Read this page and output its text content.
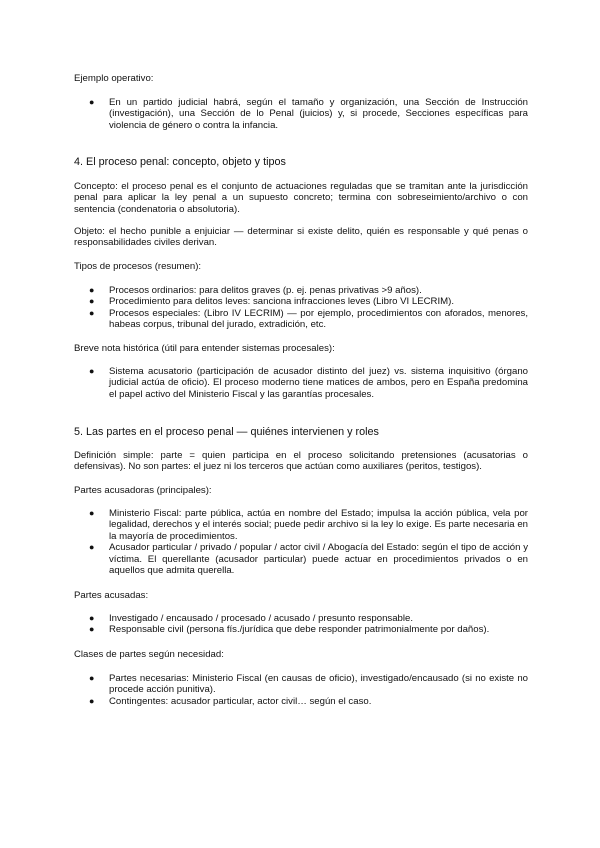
Ejemplo operativo:
● En un partido judicial habrá, según el tamaño y organización, una Sección de Instrucción (investigación), una Sección de lo Penal (juicios) y, si procede, Secciones específicas para violencia de género o contra la infancia.
4. El proceso penal: concepto, objeto y tipos
Concepto: el proceso penal es el conjunto de actuaciones reguladas que se tramitan ante la jurisdicción penal para aplicar la ley penal a un supuesto concreto; termina con sobreseimiento/archivo o con sentencia (condenatoria o absolutoria).
Objeto: el hecho punible a enjuiciar — determinar si existe delito, quién es responsable y qué penas o responsabilidades civiles derivan.
Tipos de procesos (resumen):
● Procesos ordinarios: para delitos graves (p. ej. penas privativas >9 años).
● Procedimiento para delitos leves: sanciona infracciones leves (Libro VI LECRIM).
● Procesos especiales: (Libro IV LECRIM) — por ejemplo, procedimientos con aforados, menores, habeas corpus, tribunal del jurado, extradición, etc.
Breve nota histórica (útil para entender sistemas procesales):
● Sistema acusatorio (participación de acusador distinto del juez) vs. sistema inquisitivo (órgano judicial actúa de oficio). El proceso moderno tiene matices de ambos, pero en España predomina el papel activo del Ministerio Fiscal y las garantías procesales.
5. Las partes en el proceso penal — quiénes intervienen y roles
Definición simple: parte = quien participa en el proceso solicitando pretensiones (acusatorias o defensivas). No son partes: el juez ni los terceros que actúan como auxiliares (peritos, testigos).
Partes acusadoras (principales):
● Ministerio Fiscal: parte pública, actúa en nombre del Estado; impulsa la acción pública, vela por legalidad, derechos y el interés social; puede pedir archivo si la ley lo exige. Es parte necesaria en la mayoría de procedimientos.
● Acusador particular / privado / popular / actor civil / Abogacía del Estado: según el tipo de acción y víctima. El querellante (acusador particular) puede actuar en procedimientos privados o en aquellos que admita querella.
Partes acusadas:
● Investigado / encausado / procesado / acusado / presunto responsable.
● Responsable civil (persona fís./jurídica que debe responder patrimonialmente por daños).
Clases de partes según necesidad:
● Partes necesarias: Ministerio Fiscal (en causas de oficio), investigado/encausado (si no existe no procede acción punitiva).
● Contingentes: acusador particular, actor civil… según el caso.
